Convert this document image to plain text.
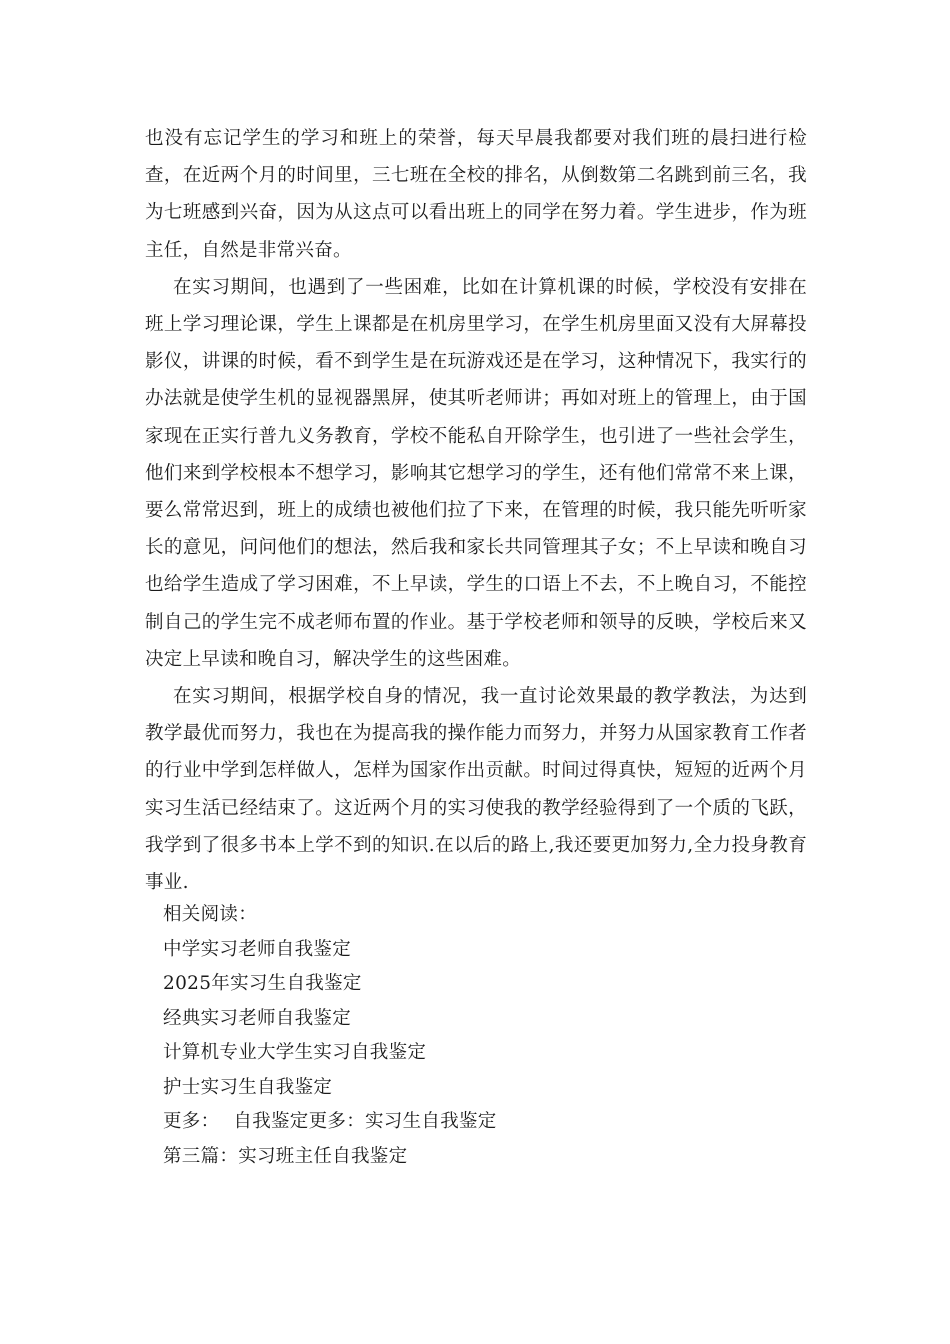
也没有忘记学生的学习和班上的荣誉，每天早晨我都要对我们班的晨扫进行检查，在近两个月的时间里，三七班在全校的排名，从倒数第二名跳到前三名，我为七班感到兴奋，因为从这点可以看出班上的同学在努力着。学生进步，作为班主任，自然是非常兴奋。

在实习期间，也遇到了一些困难，比如在计算机课的时候，学校没有安排在班上学习理论课，学生上课都是在机房里学习，在学生机房里面又没有大屏幕投影仪，讲课的时候，看不到学生是在玩游戏还是在学习，这种情况下，我实行的办法就是使学生机的显视器黑屏，使其听老师讲；再如对班上的管理上，由于国家现在正实行普九义务教育，学校不能私自开除学生，也引进了一些社会学生，他们来到学校根本不想学习，影响其它想学习的学生，还有他们常常不来上课，要么常常迟到，班上的成绩也被他们拉了下来，在管理的时候，我只能先听听家长的意见，问问他们的想法，然后我和家长共同管理其子女；不上早读和晚自习也给学生造成了学习困难，不上早读，学生的口语上不去，不上晚自习，不能控制自己的学生完不成老师布置的作业。基于学校老师和领导的反映，学校后来又决定上早读和晚自习，解决学生的这些困难。

在实习期间，根据学校自身的情况，我一直讨论效果最的教学教法，为达到教学最优而努力，我也在为提高我的操作能力而努力，并努力从国家教育工作者的行业中学到怎样做人，怎样为国家作出贡献。时间过得真快，短短的近两个月实习生活已经结束了。这近两个月的实习使我的教学经验得到了一个质的飞跃，我学到了很多书本上学不到的知识.在以后的路上,我还要更加努力,全力投身教育事业.

相关阅读：
中学实习老师自我鉴定
2025年实习生自我鉴定
经典实习老师自我鉴定
计算机专业大学生实习自我鉴定
护士实习生自我鉴定
更多： 自我鉴定更多：实习生自我鉴定
第三篇：实习班主任自我鉴定
